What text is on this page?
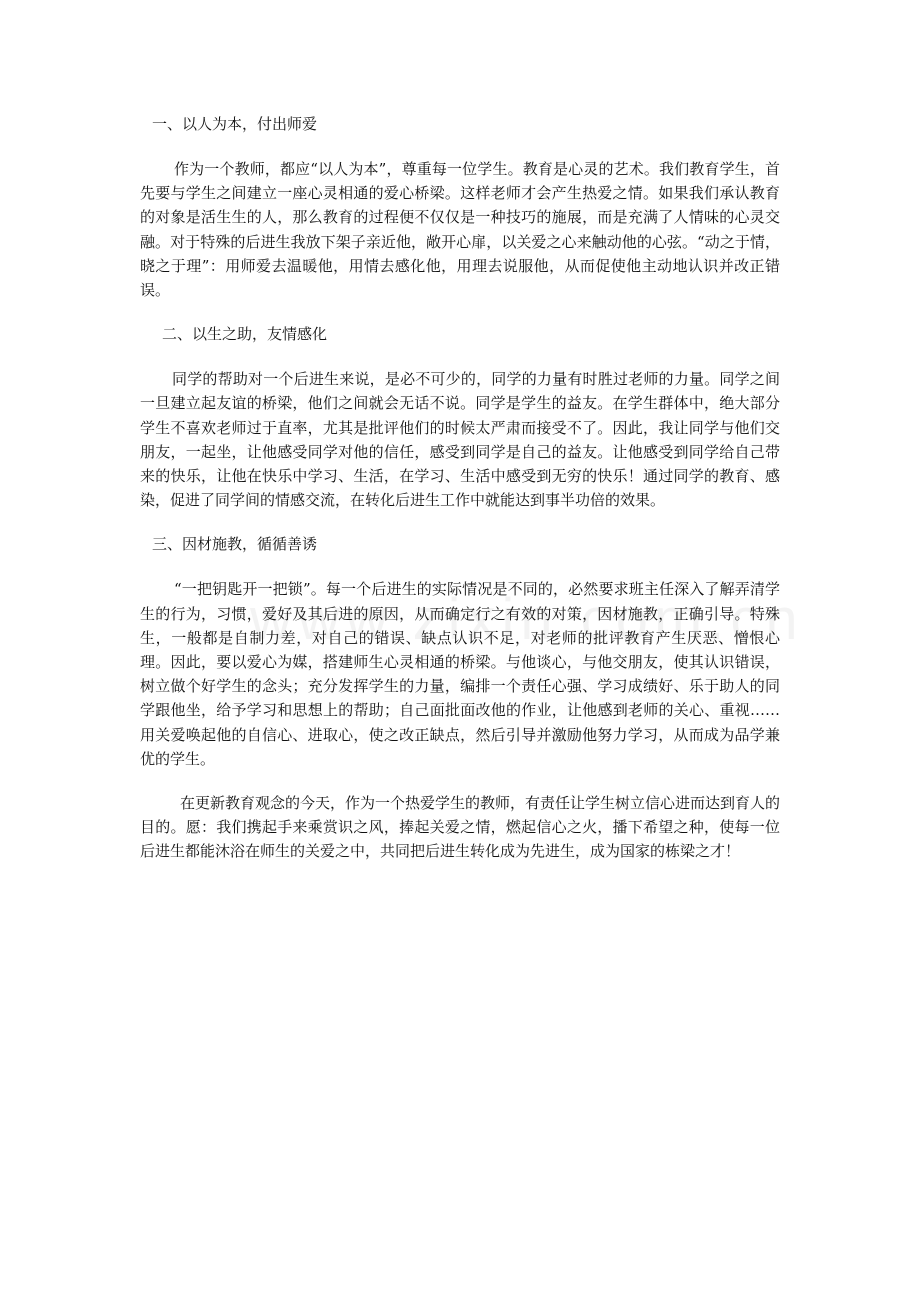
一、以人为本，付出师爱

作为一个教师，都应“以人为本”，尊重每一位学生。教育是心灵的艺术。我们教育学生，首先要与学生之间建立一座心灵相通的爱心桥梁。这样老师才会产生热爱之情。如果我们承认教育的对象是活生生的人，那么教育的过程便不仅仅是一种技巧的施展，而是充满了人情味的心灵交融。对于特殊的后进生我放下架子亲近他，敞开心扉，以关爱之心来触动他的心弦。“动之于情，晓之于理”：用师爱去温暖他，用情去感化他，用理去说服他，从而促使他主动地认识并改正错误。

二、以生之助，友情感化

同学的帮助对一个后进生来说，是必不可少的，同学的力量有时胜过老师的力量。同学之间一旦建立起友谊的桥梁，他们之间就会无话不说。同学是学生的益友。在学生群体中，绝大部分学生不喜欢老师过于直率，尤其是批评他们的时候太严肃而接受不了。因此，我让同学与他们交朋友，一起坐，让他感受同学对他的信任，感受到同学是自己的益友。让他感受到同学给自己带来的快乐，让他在快乐中学习、生活，在学习、生活中感受到无穷的快乐！通过同学的教育、感染，促进了同学间的情感交流，在转化后进生工作中就能达到事半功倍的效果。

三、因材施教，循循善诱

“一把钥匙开一把锁”。每一个后进生的实际情况是不同的，必然要求班主任深入了解弄清学生的行为，习惯，爱好及其后进的原因，从而确定行之有效的对策，因材施教，正确引导。特殊生，一般都是自制力差，对自己的错误、缺点认识不足，对老师的批评教育产生厌恶、憎恨心理。因此，要以爱心为媒，搭建师生心灵相通的桥梁。与他谈心，与他交朋友，使其认识错误，树立做个好学生的念头；充分发挥学生的力量，编排一个责任心强、学习成绩好、乐于助人的同学跟他坐，给予学习和思想上的帮助；自己面批面改他的作业，让他感到老师的关心、重视……用关爱唤起他的自信心、进取心，使之改正缺点，然后引导并激励他努力学习，从而成为品学兼优的学生。

在更新教育观念的今天，作为一个热爱学生的教师，有责任让学生树立信心进而达到育人的目的。愿：我们携起手来乘赏识之风，捧起关爱之情，燃起信心之火，播下希望之种，使每一位后进生都能沐浴在师生的关爱之中，共同把后进生转化成为先进生，成为国家的栋梁之才！
